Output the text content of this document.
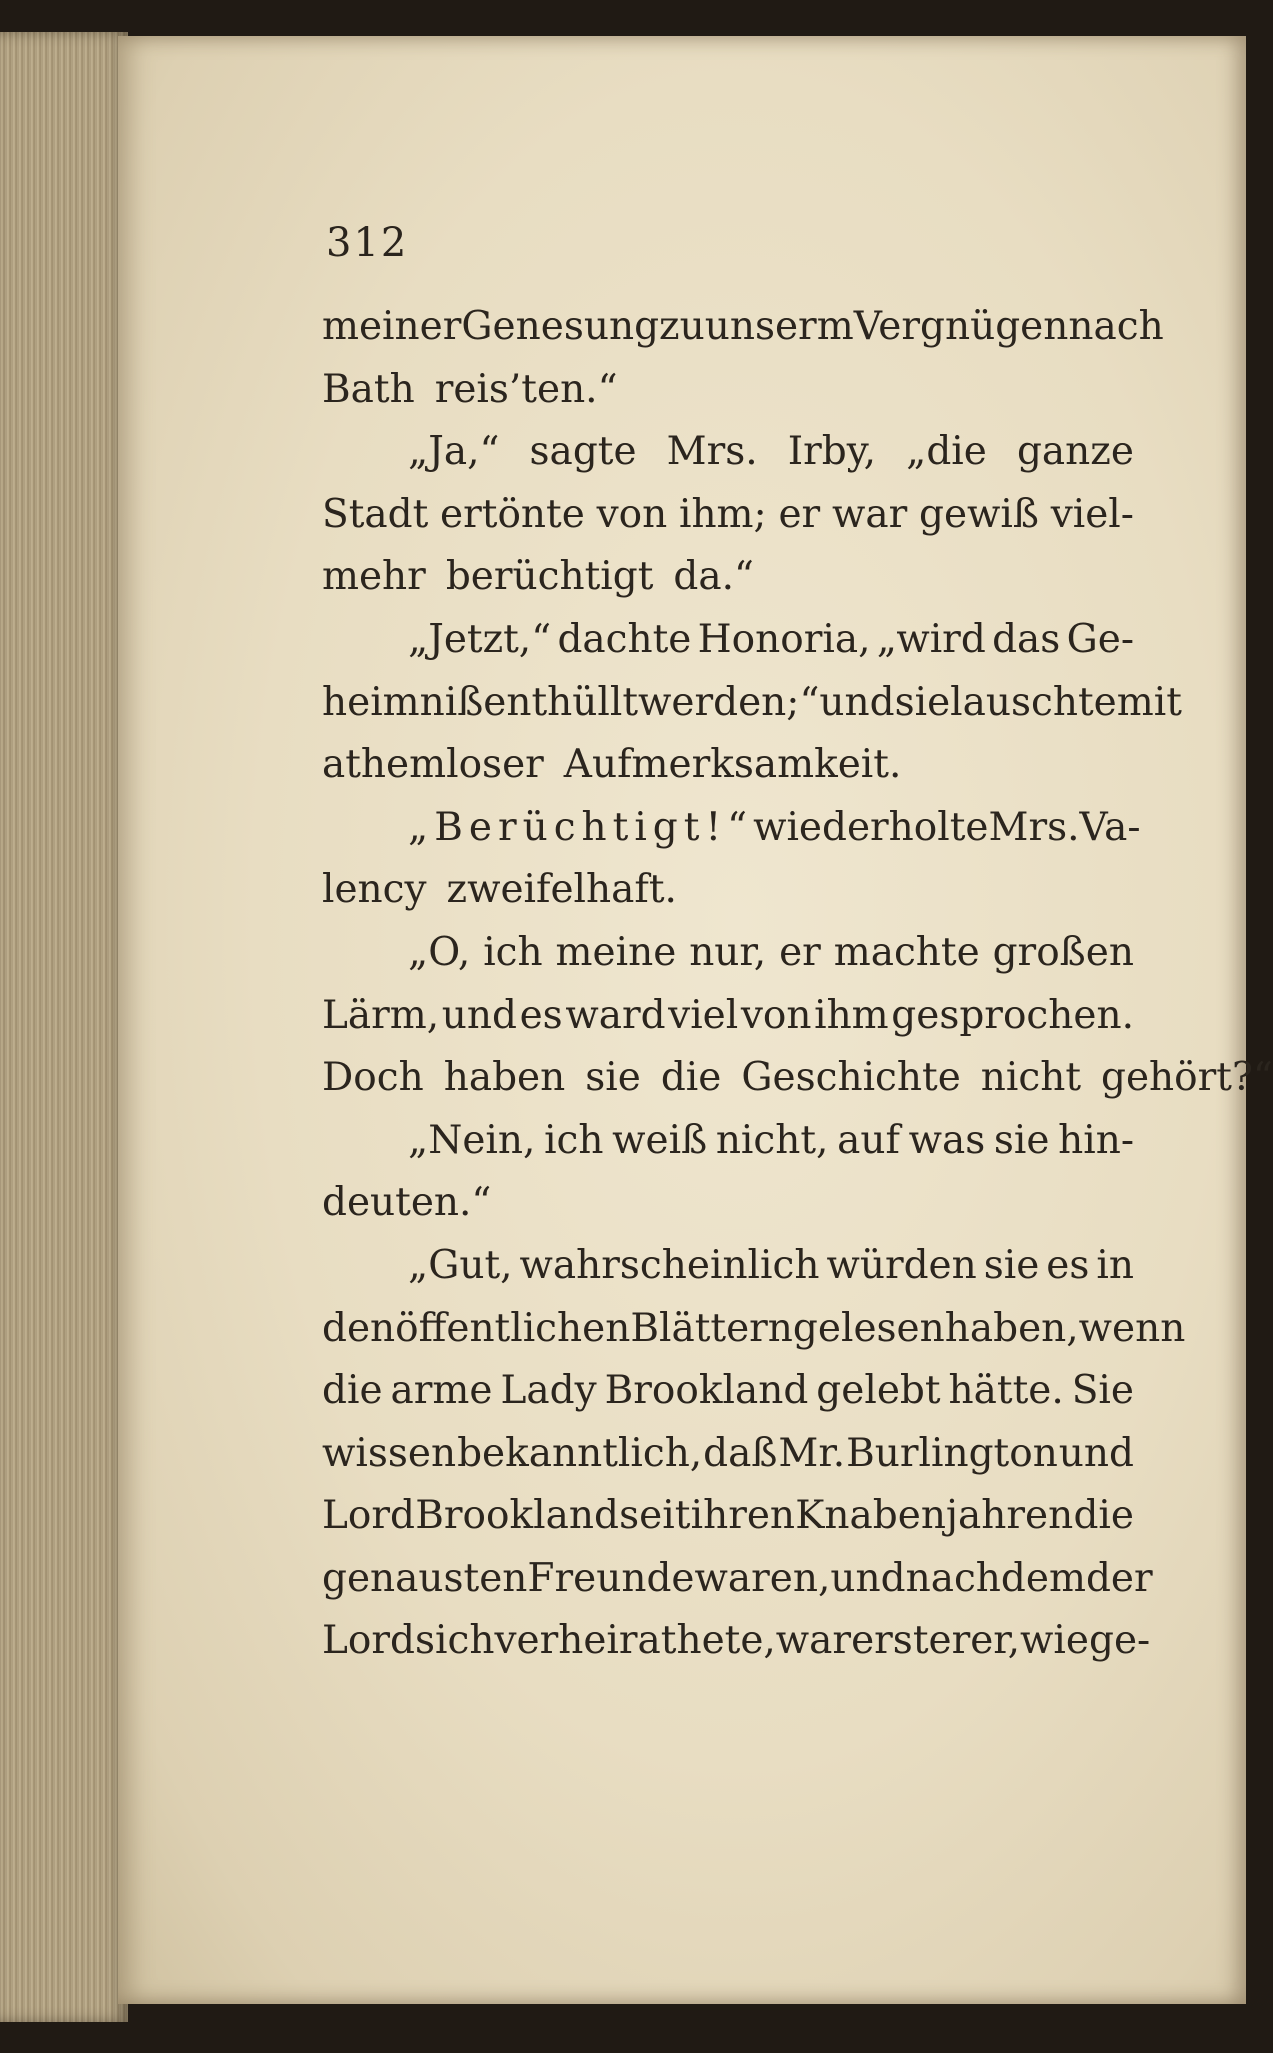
312
meiner Genesung zu unserm Vergnügen nach
Bath reis’ten.“
„Ja,“ sagte Mrs. Irby, „die ganze
Stadt ertönte von ihm; er war gewiß viel-
mehr berüchtigt da.“
„Jetzt,“ dachte Honoria, „wird das Ge-
heimniß enthüllt werden;“ und sie lauschte mit
athemloser Aufmerksamkeit.
„Berüchtigt!“ wiederholte Mrs. Va-
lency zweifelhaft.
„O, ich meine nur, er machte großen
Lärm, und es ward viel von ihm gesprochen.
Doch haben sie die Geschichte nicht gehört?“
„Nein, ich weiß nicht, auf was sie hin-
deuten.“
„Gut, wahrscheinlich würden sie es in
den öffentlichen Blättern gelesen haben, wenn
die arme Lady Brookland gelebt hätte. Sie
wissen bekanntlich, daß Mr. Burlington und
Lord Brookland seit ihren Knabenjahren die
genausten Freunde waren, und nachdem der
Lord sich verheirathete, war ersterer, wie ge-
